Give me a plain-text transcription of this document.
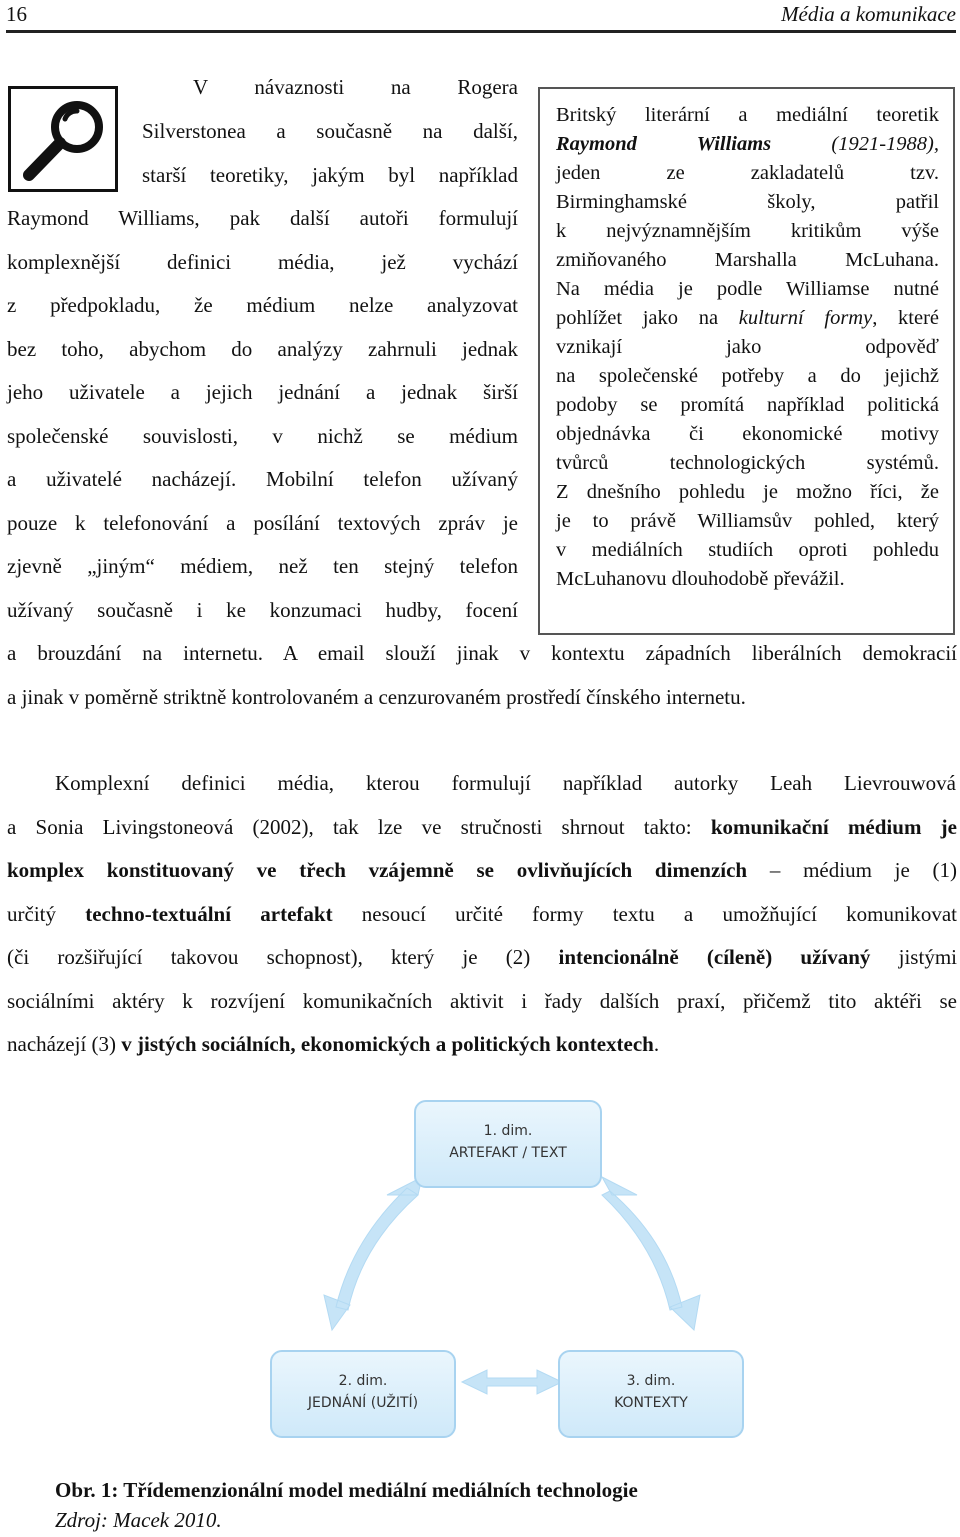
16	Média a komunikace
V návaznosti na Rogera
Silverstonea a současně na další,
starší teoretiky, jakým byl například
Raymond Williams, pak další autoři formulují
komplexnější definici média, jež vychází
z předpokladu, že médium nelze analyzovat
bez toho, abychom do analýzy zahrnuli jednak
jeho uživatele a jejich jednání a jednak širší
společenské souvislosti, v nichž se médium
a uživatelé nacházejí. Mobilní telefon užívaný
pouze k telefonování a posílání textových zpráv je
zjevně „jiným“ médiem, než ten stejný telefon
užívaný současně i ke konzumaci hudby, focení
a brouzdání na internetu. A email slouží jinak v kontextu západních liberálních demokracií
a jinak v poměrně striktně kontrolovaném a cenzurovaném prostředí čínského internetu.
Britský literární a mediální teoretik
Raymond Williams	(1921-1988),
jeden ze zakladatelů tzv.
Birminghamské školy, patřil
k nejvýznamnějším kritikům výše
zmiňovaného Marshalla McLuhana.
Na média je podle Williamse nutné
pohlížet jako na kulturní formy, které
vznikají jako odpověď
na společenské potřeby a do jejichž
podoby se promítá například politická
objednávka či ekonomické motivy
tvůrců technologických systémů.
Z dnešního pohledu je možno říci, že
je to právě Williamsův pohled, který
v mediálních studiích oproti pohledu
McLuhanovu dlouhodobě převážil.
Komplexní definici média, kterou formulují například autorky Leah Lievrouwová
a Sonia Livingstoneová (2002), tak lze ve stručnosti shrnout takto: komunikační médium je
komplex konstituovaný ve třech vzájemně se ovlivňujících dimenzích – médium je (1)
určitý techno-textuální artefakt nesoucí určité formy textu a umožňující komunikovat
(či rozšiřující takovou schopnost), který je (2) intencionálně (cíleně) užívaný jistými
sociálními aktéry k rozvíjení komunikačních aktivit i řady dalších praxí, přičemž tito aktéři se
nacházejí (3) v jistých sociálních, ekonomických a politických kontextech.
1. dim.
ARTEFAKT / TEXT
2. dim.
JEDNÁNÍ (UŽITÍ)
3. dim.
KONTEXTY
Obr. 1: Třídemenzionální model mediální mediálních technologie
Zdroj: Macek 2010.
